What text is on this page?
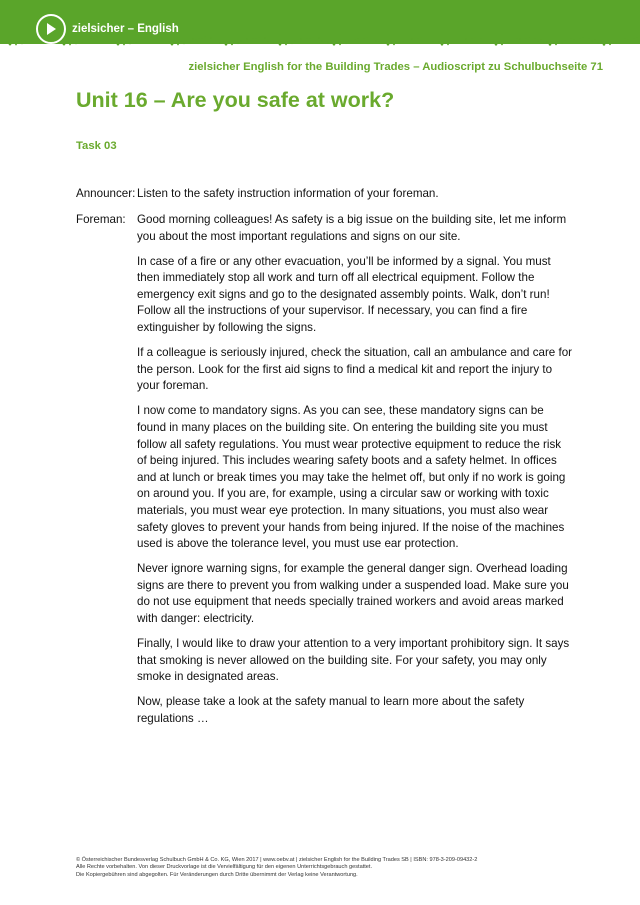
zielsicher – English
zielsicher English for the Building Trades – Audioscript zu Schulbuchseite 71
Unit 16 – Are you safe at work?
Task 03
Announcer: Listen to the safety instruction information of your foreman.

Foreman: Good morning colleagues! As safety is a big issue on the building site, let me inform you about the most important regulations and signs on our site.

In case of a fire or any other evacuation, you’ll be informed by a signal. You must then immediately stop all work and turn off all electrical equipment. Follow the emergency exit signs and go to the designated assembly points. Walk, don’t run! Follow all the instructions of your supervisor. If necessary, you can find a fire extinguisher by following the signs.

If a colleague is seriously injured, check the situation, call an ambulance and care for the person. Look for the first aid signs to find a medical kit and report the injury to your foreman.

I now come to mandatory signs. As you can see, these mandatory signs can be found in many places on the building site. On entering the building site you must follow all safety regulations. You must wear protective equipment to reduce the risk of being injured. This includes wearing safety boots and a safety helmet. In offices and at lunch or break times you may take the helmet off, but only if no work is going on around you. If you are, for example, using a circular saw or working with toxic materials, you must wear eye protection. In many situations, you must also wear safety gloves to prevent your hands from being injured. If the noise of the machines used is above the tolerance level, you must use ear protection.

Never ignore warning signs, for example the general danger sign. Overhead loading signs are there to prevent you from walking under a suspended load. Make sure you do not use equipment that needs specially trained workers and avoid areas marked with danger: electricity.

Finally, I would like to draw your attention to a very important prohibitory sign. It says that smoking is never allowed on the building site. For your safety, you may only smoke in designated areas.

Now, please take a look at the safety manual to learn more about the safety regulations …

© Österreichischer Bundesverlag Schulbuch GmbH & Co. KG, Wien 2017 | www.oebv.at | zielsicher English for the Building Trades SB | ISBN: 978-3-209-09432-2
Alle Rechte vorbehalten. Von dieser Druckvorlage ist die Vervielfältigung für den eigenen Unterrichtsgebrauch gestattet.
Die Kopiergebühren sind abgegolten. Für Veränderungen durch Dritte übernimmt der Verlag keine Verantwortung.
